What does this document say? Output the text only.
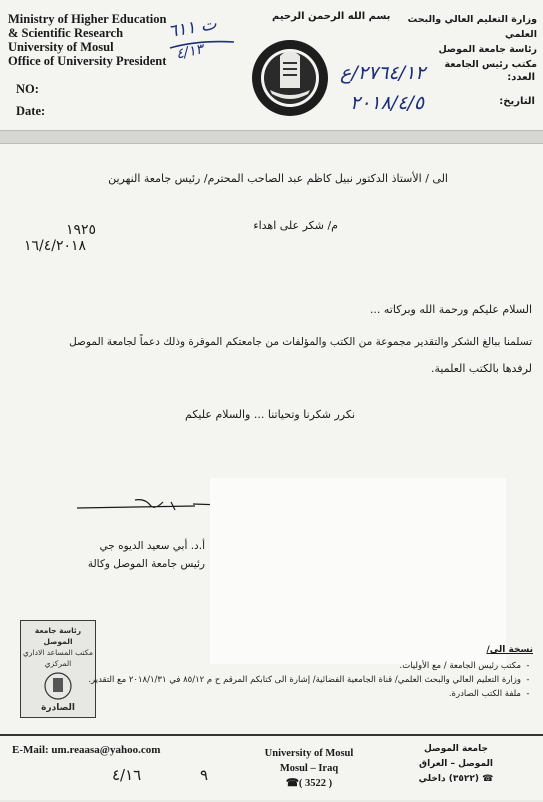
Ministry of Higher Education
& Scientific Research
University of Mosul
Office of University President
NO:
Date:
ت ٦١١
٤/١٣
بسم الله الرحمن الرحيم	وزارة التعليم العالي والبحث العلمي
رئاسة جامعة الموصل
مكتب رئيس الجامعة
العدد:
التاريخ:
٢٧٦٤/١٢/ع
٢٠١٨/٤/٥
الى / الأستاذ الدكتور نبيل كاظم عبد الصاحب المحترم/ رئيس جامعة النهرين
م/ شكر على اهداء
١٩٢٥
١٦/٤/٢٠١٨
السلام عليكم ورحمة الله وبركاته ...
تسلمنا ببالغ الشكر والتقدير مجموعة من الكتب والمؤلفات من جامعتكم الموقرة وذلك دعماً لجامعة الموصل
لرفدها بالكتب العلمية.
نكرر شكرنا وتحياتنا ... والسلام عليكم
أ.د. أبي سعيد الديوه جي
رئيس جامعة الموصل وكالة
رئاسة جامعة الموصل
مكتب المساعد الاداري
المركزي
الصادرة
نسخة الى/
- مكتب رئيس الجامعة / مع الأوليات.
- وزارة التعليم العالي والبحث العلمي/ قناة الجامعية الفضائية/ إشارة الى كتابكم المرقم ح م ٨٥/١٢ في ٢٠١٨/١/٣١ مع التقدير.
- ملفة الكتب الصادرة.
E-Mail: um.reaasa@yahoo.com	University of Mosul
Mosul – Iraq
☎( 3522 )
جامعة الموصل
الموصل – العراق
☎ (٣٥٢٢) داخلي
٤/١٦	٩
